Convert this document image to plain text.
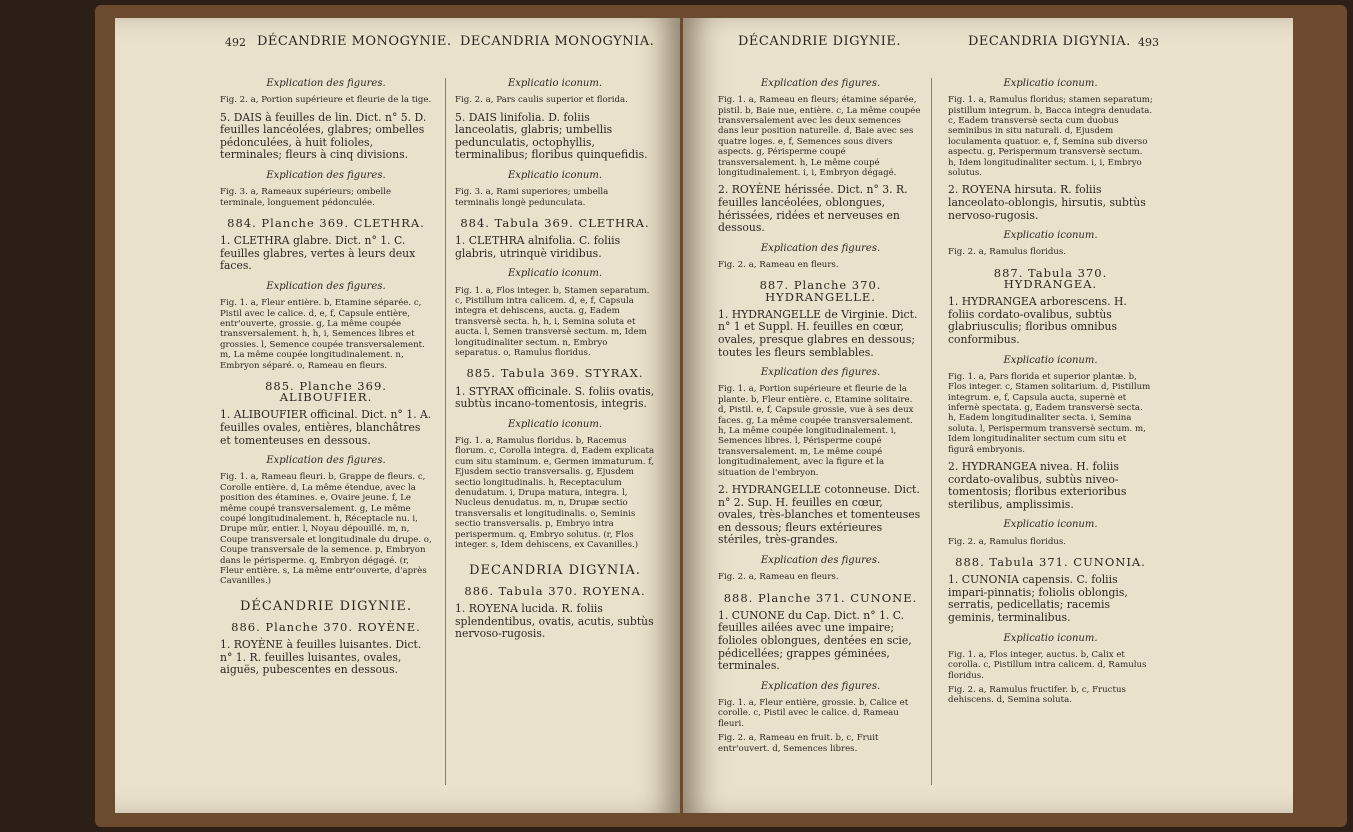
492 DÉCANDRIE MONOGYNIE. DECANDRIA MONOGYNIA.

Explication des figures.

Fig. 2. a, Portion supérieure et fleurie de la tige.

5. DAIS à feuilles de lin. Dict. n° 5. D. feuilles lancéolées, glabres; ombelles pédonculées, à huit folioles, terminales; fleurs à cinq divisions.

Explication des figures.

Fig. 3. a, Rameaux supérieurs; ombelle terminale, longuement pédonculée.

884. Planche 369. CLETHRA.

1. CLETHRA glabre. Dict. n° 1. C. feuilles glabres, vertes à leurs deux faces.

Explication des figures.

Fig. 1. a, Fleur entière. b, Etamine séparée. c, Pistil avec le calice. d, e, f, Capsule entière, entr'ouverte, grossie. g, La même coupée transversalement. h, h, i, Semences libres et grossies. l, Semence coupée transversalement. m, La même coupée longitudinalement. n, Embryon séparé. o, Rameau en fleurs.

885. Planche 369. ALIBOUFIER.

1. ALIBOUFIER officinal. Dict. n° 1. A. feuilles ovales, entières, blanchâtres et tomenteuses en dessous.

Explication des figures.

Fig. 1. a, Rameau fleuri. b, Grappe de fleurs. c, Corolle entière. d, La même étendue, avec la position des étamines. e, Ovaire jeune. f, Le même coupé transversalement. g, Le même coupé longitudinalement. h, Réceptacle nu. i, Drupe mûr, entier. l, Noyau dépouillé. m, n, Coupe transversale et longitudinale du drupe. o, Coupe transversale de la semence. p, Embryon dans le périsperme. q, Embryon dégagé. (r, Fleur entière. s, La même entr'ouverte, d'après Cavanilles.)

DÉCANDRIE DIGYNIE.

886. Planche 370. ROYÈNE.

1. ROYÈNE à feuilles luisantes. Dict. n° 1. R. feuilles luisantes, ovales, aiguës, pubescentes en dessous.

Explicatio iconum.

Fig. 2. a, Pars caulis superior et florida.

5. DAIS linifolia. D. foliis lanceolatis, glabris; umbellis pedunculatis, octophyllis, terminalibus; floribus quinquefidis.

Explicatio iconum.

Fig. 3. a, Rami superiores; umbella terminalis longè pedunculata.

884. Tabula 369. CLETHRA.

1. CLETHRA alnifolia. C. foliis glabris, utrinquè viridibus.

Explicatio iconum.

Fig. 1. a, Flos integer. b, Stamen separatum. c, Pistillum intra calicem. d, e, f, Capsula integra et dehiscens, aucta. g, Eadem transversè secta. h, h, i, Semina soluta et aucta. l, Semen transversè sectum. m, Idem longitudinaliter sectum. n, Embryo separatus. o, Ramulus floridus.

885. Tabula 369. STYRAX.

1. STYRAX officinale. S. foliis ovatis, subtùs incano-tomentosis, integris.

Explicatio iconum.

Fig. 1. a, Ramulus floridus. b, Racemus florum. c, Corolla integra. d, Eadem explicata cum situ staminum. e, Germen immaturum. f, Ejusdem sectio transversalis. g, Ejusdem sectio longitudinalis. h, Receptaculum denudatum. i, Drupa matura, integra. l, Nucleus denudatus. m, n, Drupæ sectio transversalis et longitudinalis. o, Seminis sectio transversalis. p, Embryo intra perispermum. q, Embryo solutus. (r, Flos integer. s, Idem dehiscens, ex Cavanilles.)

DECANDRIA DIGYNIA.

886. Tabula 370. ROYENA.

1. ROYENA lucida. R. foliis splendentibus, ovatis, acutis, subtùs nervoso-rugosis.

DÉCANDRIE DIGYNIE.	DECANDRIA DIGYNIA. 493

Explication des figures.

Fig. 1. a, Rameau en fleurs; étamine séparée, pistil. b, Baie nue, entière. c, La même coupée transversalement avec les deux semences dans leur position naturelle. d, Baie avec ses quatre loges. e, f, Semences sous divers aspects. g, Périsperme coupé transversalement. h, Le même coupé longitudinalement. i, i, Embryon dégagé.

2. ROYÈNE hérissée. Dict. n° 3. R. feuilles lancéolées, oblongues, hérissées, ridées et nerveuses en dessous.

Explication des figures.

Fig. 2. a, Rameau en fleurs.

887. Planche 370. HYDRANGELLE.

1. HYDRANGELLE de Virginie. Dict. n° 1 et Suppl. H. feuilles en cœur, ovales, presque glabres en dessous; toutes les fleurs semblables.

Explication des figures.

Fig. 1. a, Portion supérieure et fleurie de la plante. b, Fleur entière. c, Etamine solitaire. d, Pistil. e, f, Capsule grossie, vue à ses deux faces. g, La même coupée transversalement. h, La même coupée longitudinalement. i, Semences libres. l, Périsperme coupé transversalement. m, Le même coupé longitudinalement, avec la figure et la situation de l'embryon.

2. HYDRANGELLE cotonneuse. Dict. n° 2. Sup. H. feuilles en cœur, ovales, très-blanches et tomenteuses en dessous; fleurs extérieures stériles, très-grandes.

Explication des figures.

Fig. 2. a, Rameau en fleurs.

888. Planche 371. CUNONE.

1. CUNONE du Cap. Dict. n° 1. C. feuilles ailées avec une impaire; folioles oblongues, dentées en scie, pédicellées; grappes géminées, terminales.

Explication des figures.

Fig. 1. a, Fleur entière, grossie. b, Calice et corolle. c, Pistil avec le calice. d, Rameau fleuri.

Fig. 2. a, Rameau en fruit. b, c, Fruit entr'ouvert. d, Semences libres.

Explicatio iconum.

Fig. 1. a, Ramulus floridus; stamen separatum; pistillum integrum. b, Bacca integra denudata. c, Eadem transversè secta cum duobus seminibus in situ naturali. d, Ejusdem loculamenta quatuor. e, f, Semina sub diverso aspectu. g, Perispermum transversè sectum. h, Idem longitudinaliter sectum. i, i, Embryo solutus.

2. ROYENA hirsuta. R. foliis lanceolato-oblongis, hirsutis, subtùs nervoso-rugosis.

Explicatio iconum.

Fig. 2. a, Ramulus floridus.

887. Tabula 370. HYDRANGEA.

1. HYDRANGEA arborescens. H. foliis cordato-ovalibus, subtùs glabriusculis; floribus omnibus conformibus.

Explicatio iconum.

Fig. 1. a, Pars florida et superior plantæ. b, Flos integer. c, Stamen solitarium. d, Pistillum integrum. e, f, Capsula aucta, supernè et infernè spectata. g, Eadem transversè secta. h, Eadem longitudinaliter secta. i, Semina soluta. l, Perispermum transversè sectum. m, Idem longitudinaliter sectum cum situ et figurâ embryonis.

2. HYDRANGEA nivea. H. foliis cordato-ovalibus, subtùs niveo-tomentosis; floribus exterioribus sterilibus, amplissimis.

Explicatio iconum.

Fig. 2. a, Ramulus floridus.

888. Tabula 371. CUNONIA.

1. CUNONIA capensis. C. foliis impari-pinnatis; foliolis oblongis, serratis, pedicellatis; racemis geminis, terminalibus.

Explicatio iconum.

Fig. 1. a, Flos integer, auctus. b, Calix et corolla. c, Pistillum intra calicem. d, Ramulus floridus.

Fig. 2. a, Ramulus fructifer. b, c, Fructus dehiscens. d, Semina soluta.
